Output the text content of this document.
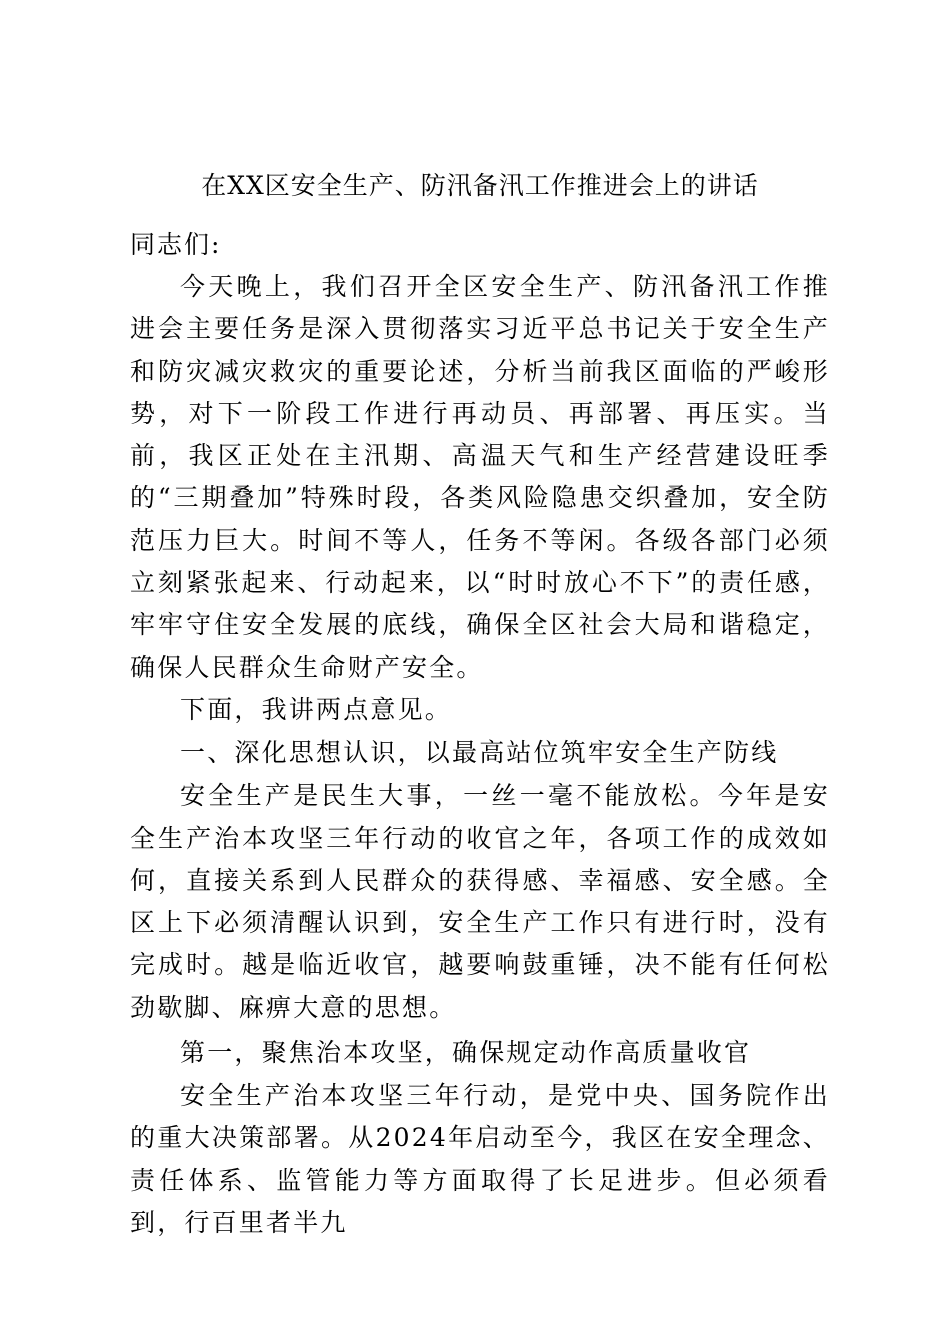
在XX区安全生产、防汛备汛工作推进会上的讲话

同志们:

今天晚上，我们召开全区安全生产、防汛备汛工作推进会主要任务是深入贯彻落实习近平总书记关于安全生产和防灾减灾救灾的重要论述，分析当前我区面临的严峻形势，对下一阶段工作进行再动员、再部署、再压实。当前，我区正处在主汛期、高温天气和生产经营建设旺季的“三期叠加”特殊时段，各类风险隐患交织叠加，安全防范压力巨大。时间不等人，任务不等闲。各级各部门必须立刻紧张起来、行动起来，以“时时放心不下”的责任感，牢牢守住安全发展的底线，确保全区社会大局和谐稳定，确保人民群众生命财产安全。

下面，我讲两点意见。

一、深化思想认识，以最高站位筑牢安全生产防线

安全生产是民生大事，一丝一毫不能放松。今年是安全生产治本攻坚三年行动的收官之年，各项工作的成效如何，直接关系到人民群众的获得感、幸福感、安全感。全区上下必须清醒认识到，安全生产工作只有进行时，没有完成时。越是临近收官，越要响鼓重锤，决不能有任何松劲歇脚、麻痹大意的思想。

第一，聚焦治本攻坚，确保规定动作高质量收官

安全生产治本攻坚三年行动，是党中央、国务院作出的重大决策部署。从2024年启动至今，我区在安全理念、责任体系、监管能力等方面取得了长足进步。但必须看到，行百里者半九
